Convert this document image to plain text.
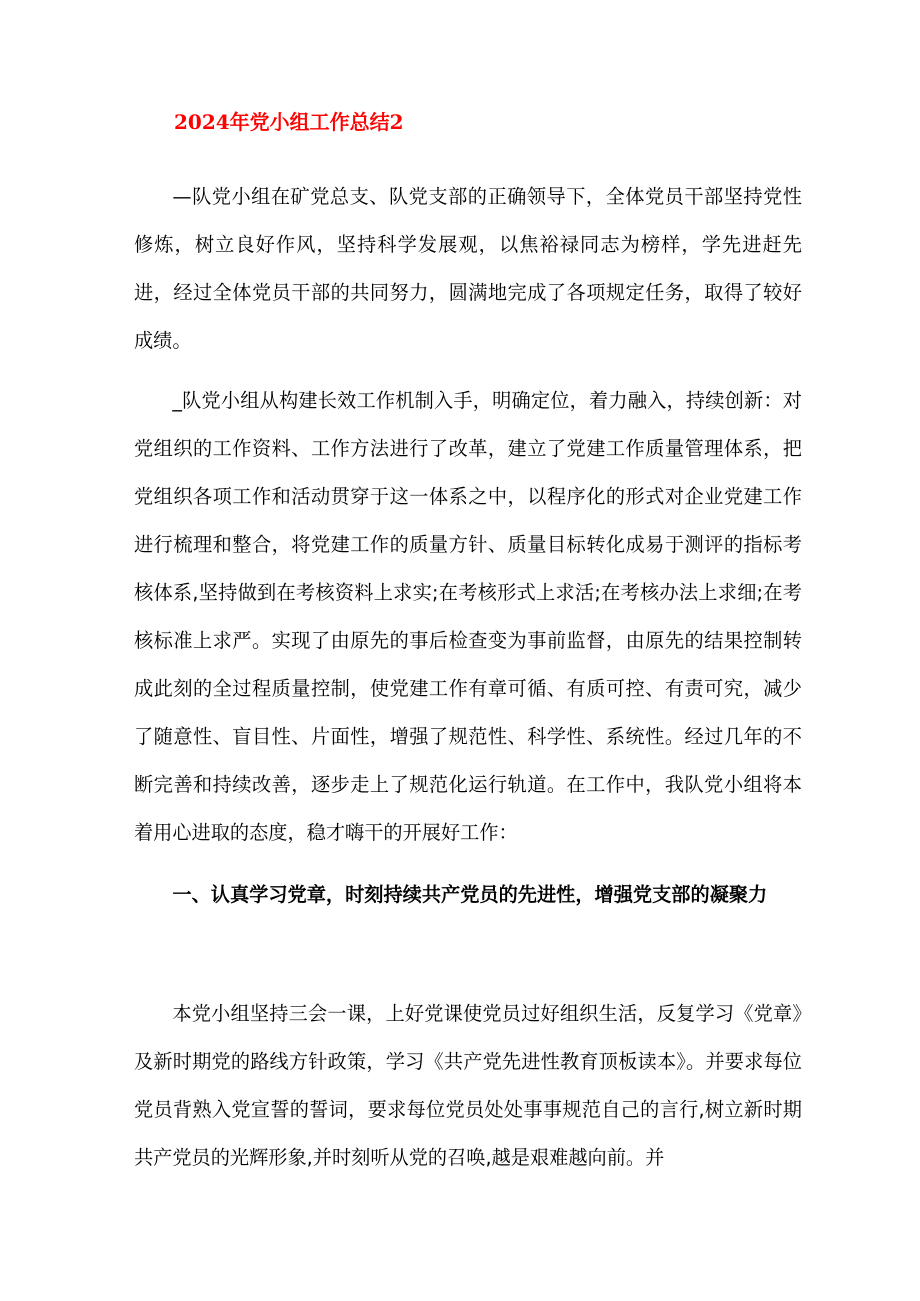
2024年党小组工作总结2

—队党小组在矿党总支、队党支部的正确领导下，全体党员干部坚持党性修炼，树立良好作风，坚持科学发展观，以焦裕禄同志为榜样，学先进赶先进，经过全体党员干部的共同努力，圆满地完成了各项规定任务，取得了较好成绩。

_队党小组从构建长效工作机制入手，明确定位，着力融入，持续创新：对党组织的工作资料、工作方法进行了改革，建立了党建工作质量管理体系，把党组织各项工作和活动贯穿于这一体系之中，以程序化的形式对企业党建工作进行梳理和整合，将党建工作的质量方针、质量目标转化成易于测评的指标考核体系,坚持做到在考核资料上求实;在考核形式上求活;在考核办法上求细;在考核标准上求严。实现了由原先的事后检查变为事前监督，由原先的结果控制转成此刻的全过程质量控制，使党建工作有章可循、有质可控、有责可究，减少了随意性、盲目性、片面性，增强了规范性、科学性、系统性。经过几年的不断完善和持续改善，逐步走上了规范化运行轨道。在工作中，我队党小组将本着用心进取的态度，稳才嗨干的开展好工作：

一、认真学习党章，时刻持续共产党员的先进性，增强党支部的凝聚力

本党小组坚持三会一课，上好党课使党员过好组织生活，反复学习《党章》及新时期党的路线方针政策，学习《共产党先进性教育顶板读本》。并要求每位党员背熟入党宣誓的誓词，要求每位党员处处事事规范自己的言行,树立新时期共产党员的光辉形象,并时刻听从党的召唤,越是艰难越向前。并
